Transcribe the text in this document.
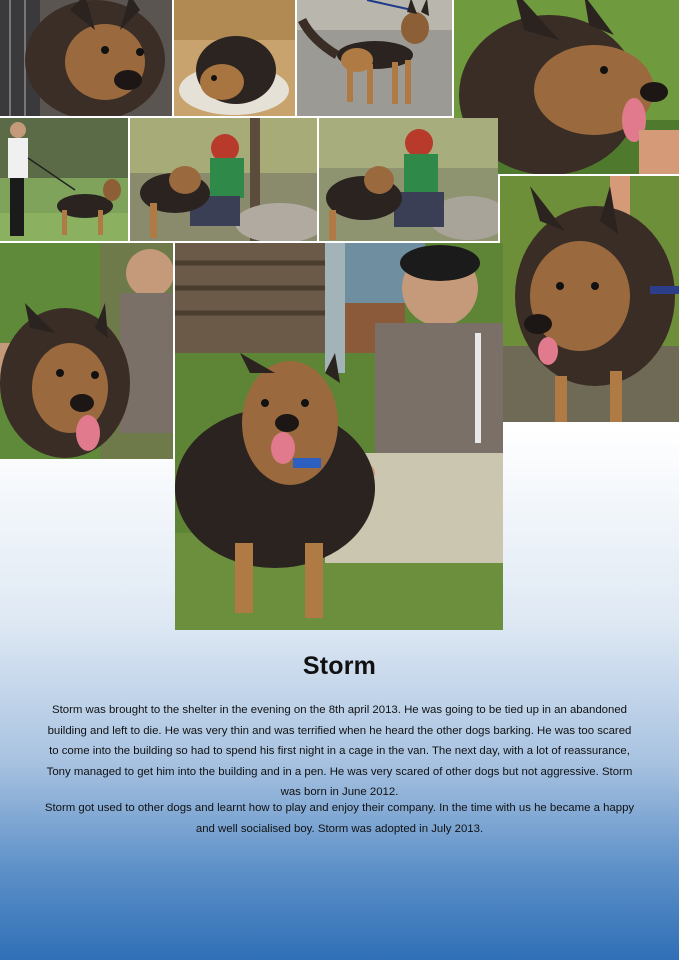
Storm
Storm was brought to the shelter in the evening on the 8th april 2013. He was going to be tied up in an abandoned building and left to die. He was very thin and was terrified when he heard the other dogs barking. He was too scared to come into the building so had to spend his first night in a cage in the van. The next day, with a lot of reassurance, Tony managed to get him into the building and in a pen. He was very scared of other dogs but not aggressive. Storm was born in June 2012.
Storm got used to other dogs and learnt how to play and enjoy their company. In the time with us he became a happy and well socialised boy. Storm was adopted in July 2013.
